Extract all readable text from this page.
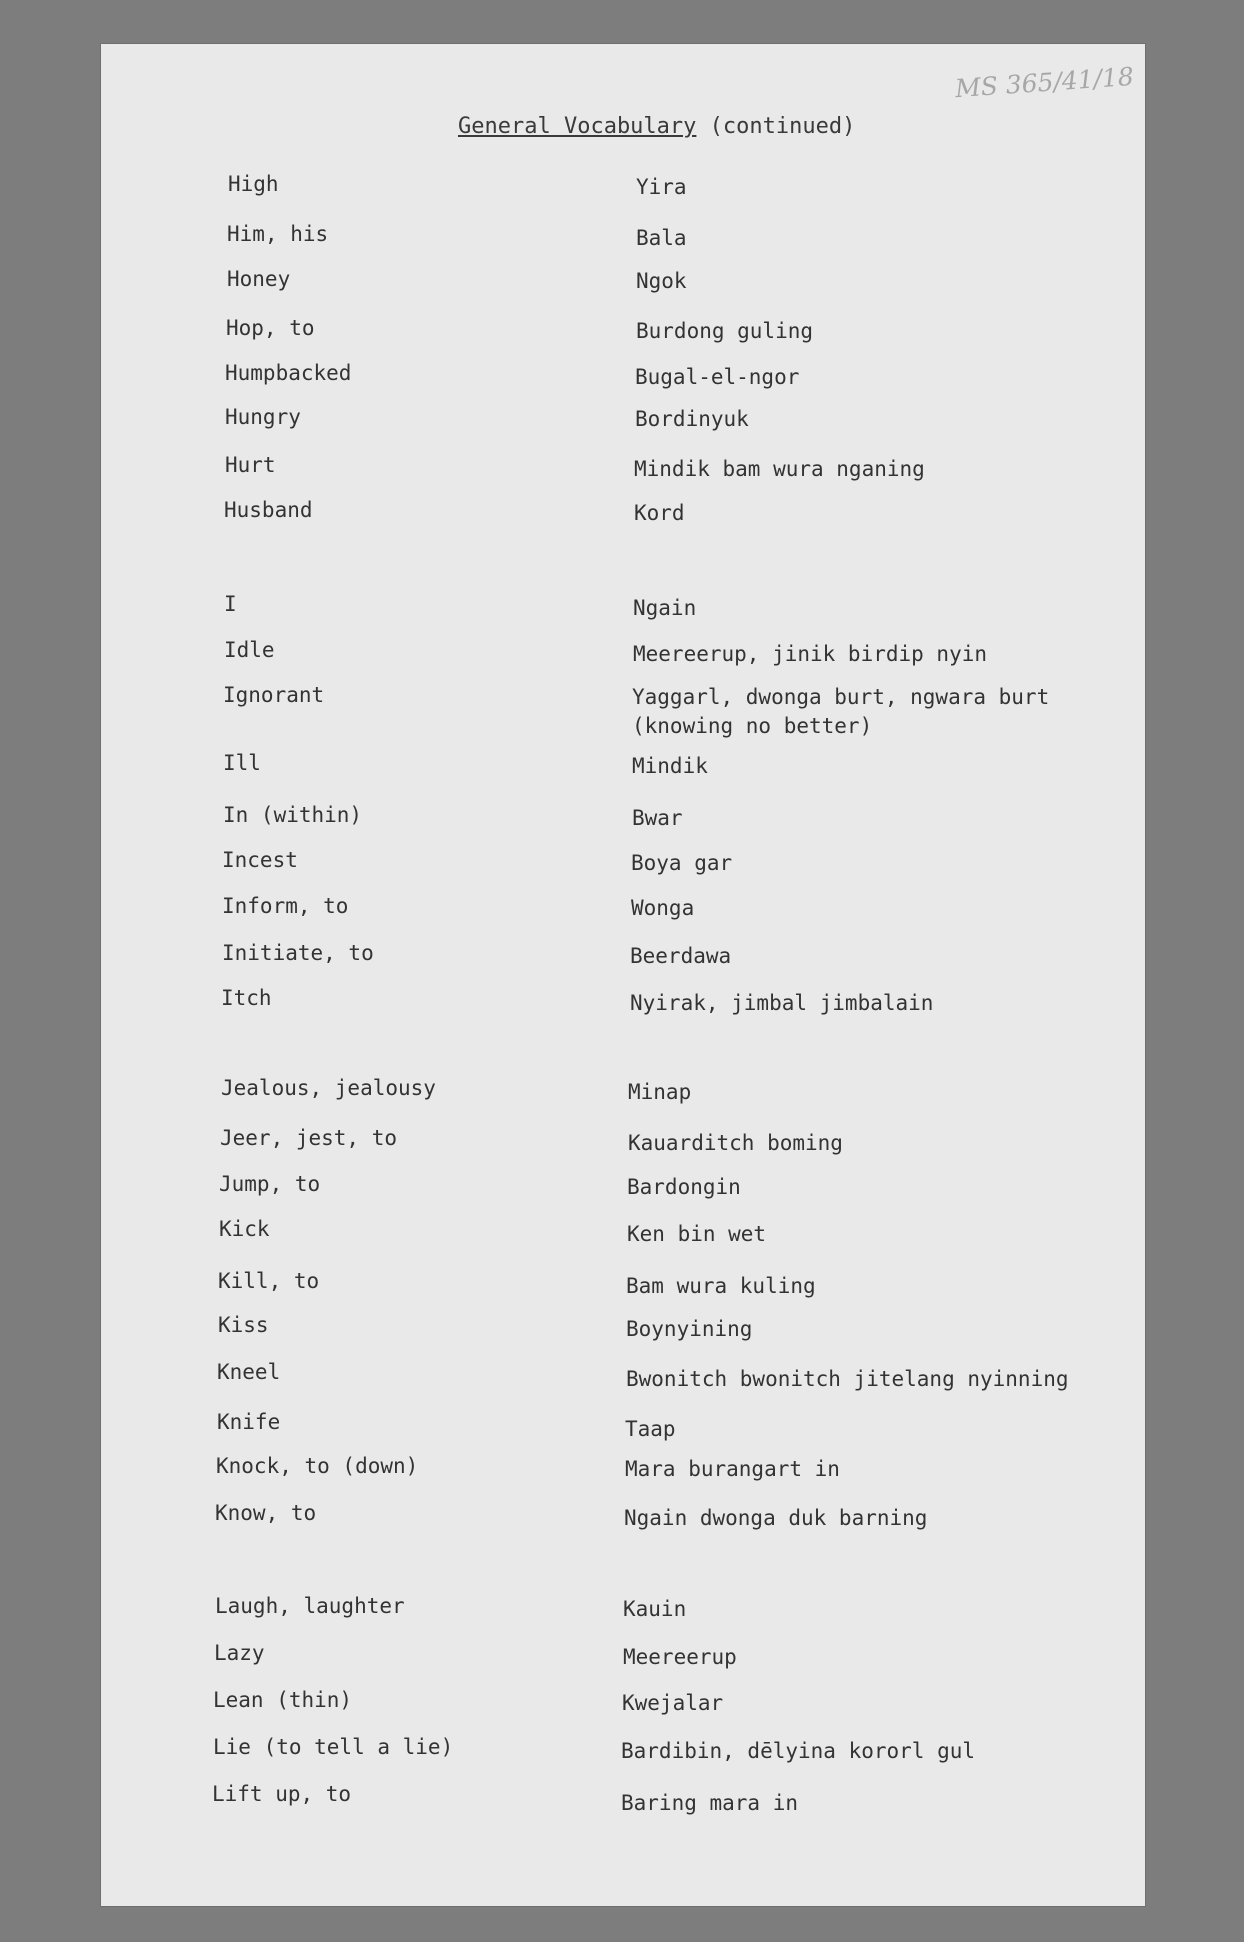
MS 365/41/18
General Vocabulary (continued)
High	Yira
Him, his	Bala
Honey	Ngok
Hop, to	Burdong guling
Humpbacked	Bugal-el-ngor
Hungry	Bordinyuk
Hurt	Mindik bam wura nganing
Husband	Kord
I	Ngain
Idle	Meereerup, jinik birdip nyin
Ignorant	Yaggarl, dwonga burt, ngwara burt
(knowing no better)
Ill	Mindik
In (within)	Bwar
Incest	Boya gar
Inform, to	Wonga
Initiate, to	Beerdawa
Itch	Nyirak, jimbal jimbalain
Jealous, jealousy	Minap
Jeer, jest, to	Kauarditch boming
Jump, to	Bardongin
Kick	Ken bin wet
Kill, to	Bam wura kuling
Kiss	Boynyining
Kneel	Bwonitch bwonitch jitelang nyinning
Knife	Taap
Knock, to (down)	Mara burangart in
Know, to	Ngain dwonga duk barning
Laugh, laughter	Kauin
Lazy	Meereerup
Lean (thin)	Kwejalar
Lie (to tell a lie)	Bardibin, dēlyina kororl gul
Lift up, to	Baring mara in
